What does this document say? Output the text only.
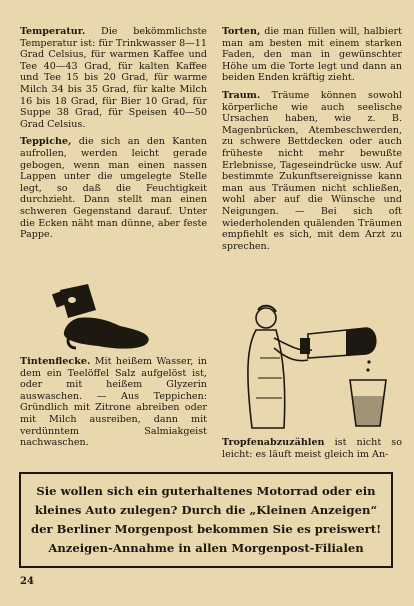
Temperatur. Die bekömmlichste Temperatur ist: für Trinkwasser 8—11 Grad Celsius, für warmen Kaffee und Tee 40—43 Grad, für kalten Kaffee und Tee 15 bis 20 Grad, für warme Milch 34 bis 35 Grad, für kalte Milch 16 bis 18 Grad, für Bier 10 Grad, für Suppe 38 Grad, für Speisen 40—50 Grad Celsius.

Teppiche, die sich an den Kanten aufrollen, werden leicht gerade gebogen, wenn man einen nassen Lappen unter die umgelegte Stelle legt, so daß die Feuchtigkeit durchzieht. Dann stellt man einen schweren Gegenstand darauf. Unter die Ecken näht man dünne, aber feste Pappe.

Tintenflecke. Mit heißem Wasser, in dem ein Teelöffel Salz aufgelöst ist, oder mit heißem Glyzerin auswaschen. — Aus Teppichen: Gründlich mit Zitrone abreiben oder mit Milch ausreiben, dann mit verdünntem Salmiakgeist nachwaschen.

Torten, die man füllen will, halbiert man am besten mit einem starken Faden, den man in gewünschter Höhe um die Torte legt und dann an beiden Enden kräftig zieht.

Traum. Träume können sowohl körperliche wie auch seelische Ursachen haben, wie z. B. Magenbrücken, Atembeschwerden, zu schwere Bettdecken oder auch früheste nicht mehr bewußte Erlebnisse, Tageseindrücke usw. Auf bestimmte Zukunftsereignisse kann man aus Träumen nicht schließen, wohl aber auf die Wünsche und Neigungen. — Bei sich oft wiederholenden quälenden Träumen empfiehlt es sich, mit dem Arzt zu sprechen.

Tropfenabzuzählen ist nicht so leicht: es läuft meist gleich im An-
Sie wollen sich ein guterhaltenes Motorrad oder ein
kleines Auto zulegen? Durch die „Kleinen Anzeigen“
der Berliner Morgenpost bekommen Sie es preiswert!
Anzeigen-Annahme in allen Morgenpost-Filialen
24
